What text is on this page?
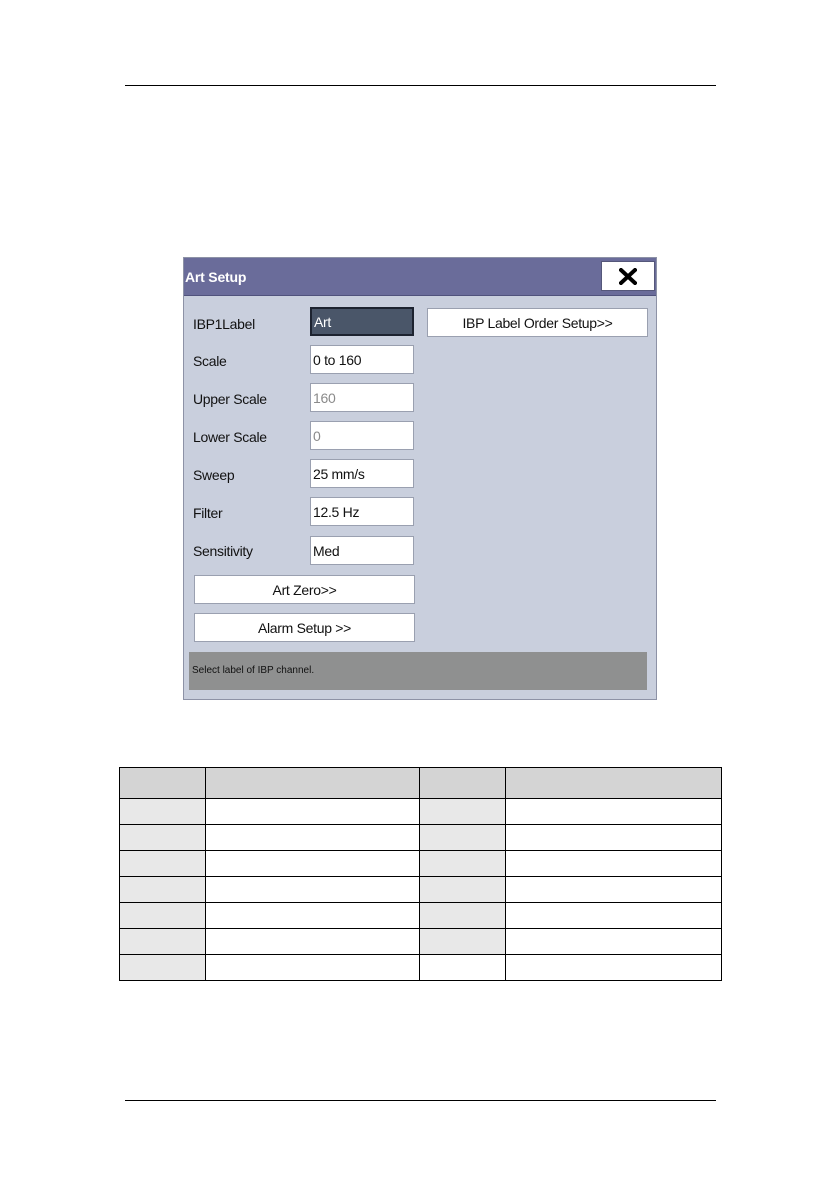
Art Setup
IBP1Label	Art
Scale	0 to 160
Upper Scale	160
Lower Scale	0
Sweep	25 mm/s
Filter	12.5 Hz
Sensitivity	Med
Art Zero>>
Alarm Setup >>
IBP Label Order Setup>>
Select label of IBP channel.
